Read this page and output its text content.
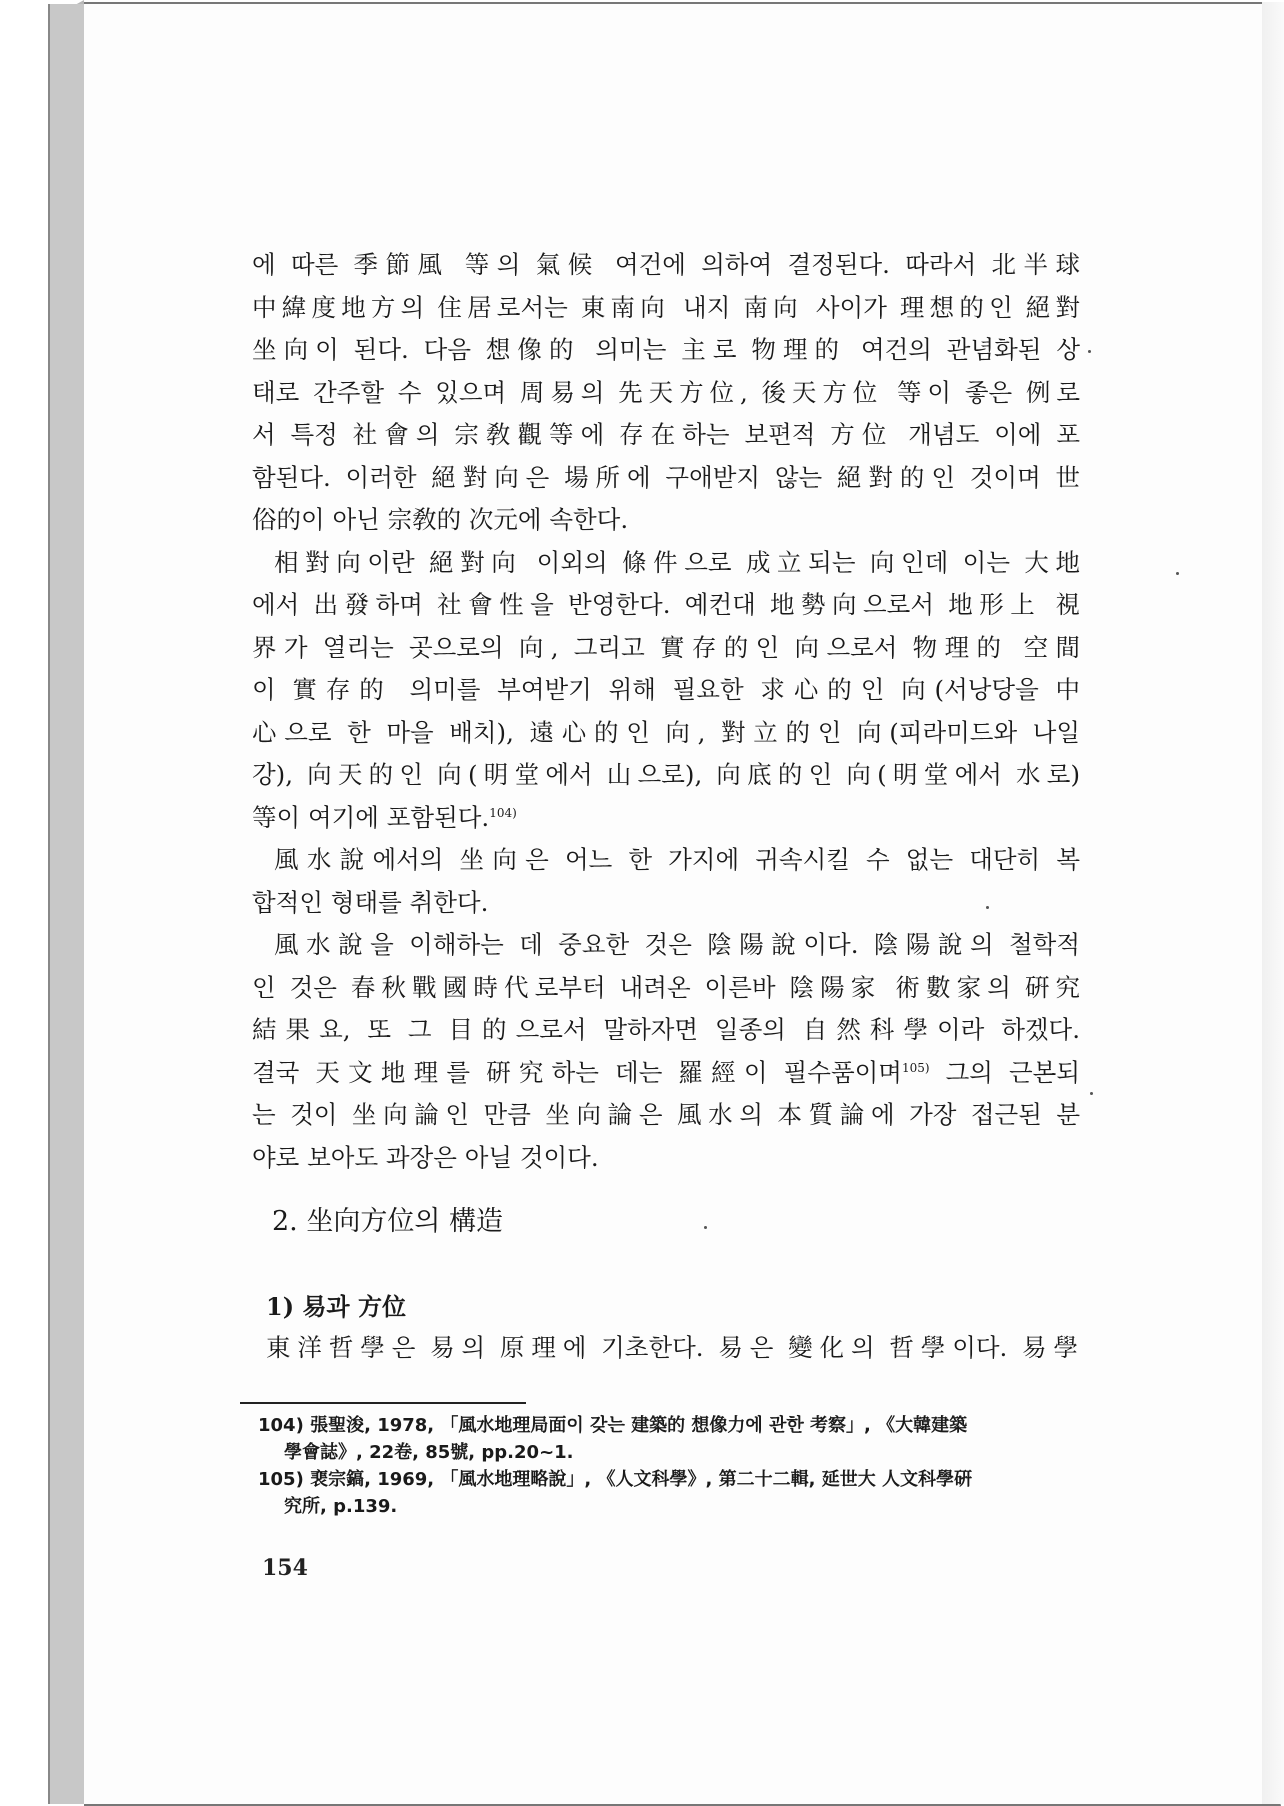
에 따른 季節風 等의 氣候 여건에 의하여 결정된다. 따라서 北半球
中緯度地方의 住居로서는 東南向 내지 南向 사이가 理想的인 絕對
坐向이 된다. 다음 想像的 의미는 主로 物理的 여건의 관념화된 상
태로 간주할 수 있으며 周易의 先天方位, 後天方位 等이 좋은 例로
서 특정 社會의 宗敎觀等에 存在하는 보편적 方位 개념도 이에 포
함된다. 이러한 絕對向은 場所에 구애받지 않는 絕對的인 것이며 世
俗的이 아닌 宗敎的 次元에 속한다.
相對向이란 絕對向 이외의 條件으로 成立되는 向인데 이는 大地
에서 出發하며 社會性을 반영한다. 예컨대 地勢向으로서 地形上 視
界가 열리는 곳으로의 向, 그리고 實存的인 向으로서 物理的 空間
이 實存的 의미를 부여받기 위해 필요한 求心的인 向(서낭당을 中
心으로 한 마을 배치), 遠心的인 向, 對立的인 向(피라미드와 나일
강), 向天的인 向(明堂에서 山으로), 向底的인 向(明堂에서 水로)
等이 여기에 포함된다.$^{104)}$
風水說에서의 坐向은 어느 한 가지에 귀속시킬 수 없는 대단히 복
합적인 형태를 취한다.
風水說을 이해하는 데 중요한 것은 陰陽說이다. 陰陽說의 철학적
인 것은 春秋戰國時代로부터 내려온 이른바 陰陽家 術數家의 硏究
結果요, 또 그 目的으로서 말하자면 일종의 自然科學이라 하겠다.
결국 天文地理를 硏究하는 데는 羅經이 필수품이며$^{105)}$ 그의 근본되
는 것이 坐向論인 만큼 坐向論은 風水의 本質論에 가장 접근된 분
야로 보아도 과장은 아닐 것이다.
2. 坐向方位의 構造
1) 易과 方位
東洋哲學은 易의 原理에 기초한다. 易은 變化의 哲學이다. 易學
104) 張聖浚, 1978, 「風水地理局面이 갖는 建築的 想像力에 관한 考察」, 《大韓建築
學會誌》, 22卷, 85號, pp.20~1.
105) 裵宗鎬, 1969, 「風水地理略說」, 《人文科學》, 第二十二輯, 延世大 人文科學硏
究所, p.139.
154
